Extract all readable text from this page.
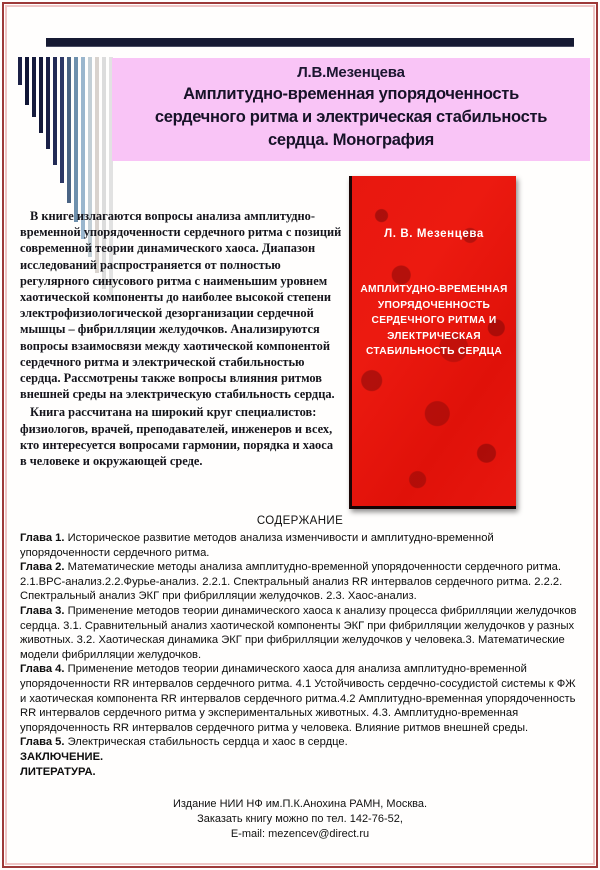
Л.В.Мезенцева
Амплитудно-временная упорядоченность
сердечного ритма и электрическая стабильность
сердца. Монография

В книге излагаются вопросы анализа амплитудно-временной упорядоченности сердечного ритма с позиций современной теории динамического хаоса. Диапазон исследований распространяется от полностью регулярного синусового ритма с наименьшим уровнем хаотической компоненты до наиболее высокой степени электрофизиологической дезорганизации сердечной мышцы – фибрилляции желудочков. Анализируются вопросы взаимосвязи между хаотической компонентой сердечного ритма и электрической стабильностью сердца. Рассмотрены также вопросы влияния ритмов внешней среды на электрическую стабильность сердца.

Книга рассчитана на широкий круг специалистов: физиологов, врачей, преподавателей, инженеров и всех, кто интересуется вопросами гармонии, порядка и хаоса в человеке и окружающей среде.

Л. В. Мезенцева
АМПЛИТУДНО-ВРЕМЕННАЯ УПОРЯДОЧЕННОСТЬ СЕРДЕЧНОГО РИТМА И ЭЛЕКТРИЧЕСКАЯ СТАБИЛЬНОСТЬ СЕРДЦА
СОДЕРЖАНИЕ
Глава 1. Историческое развитие методов анализа изменчивости и амплитудно-временной упорядоченности сердечного ритма.
Глава 2. Математические методы анализа амплитудно-временной упорядоченности сердечного ритма. 2.1.ВРС-анализ.2.2.Фурье-анализ. 2.2.1. Спектральный анализ RR интервалов сердечного ритма. 2.2.2. Спектральный анализ ЭКГ при фибрилляции желудочков. 2.3. Хаос-анализ.
Глава 3. Применение методов теории динамического хаоса к анализу процесса фибрилляции желудочков сердца. 3.1. Сравнительный анализ хаотической компоненты ЭКГ при фибрилляции желудочков у разных животных. 3.2. Хаотическая динамика ЭКГ при фибрилляции желудочков у человека.3. Математические модели фибрилляции желудочков.
Глава 4. Применение методов теории динамического хаоса для анализа амплитудно-временной упорядоченности RR интервалов сердечного ритма. 4.1 Устойчивость сердечно-сосудистой системы к ФЖ и хаотическая компонента RR интервалов сердечного ритма.4.2 Амплитудно-временная упорядоченность RR интервалов сердечного ритма у экспериментальных животных. 4.3. Амплитудно-временная упорядоченность RR интервалов сердечного ритма у человека. Влияние ритмов внешней среды.
Глава 5. Электрическая стабильность сердца и хаос в сердце.
ЗАКЛЮЧЕНИЕ.
ЛИТЕРАТУРА.
Издание НИИ НФ им.П.К.Анохина РАМН, Москва.
Заказать книгу можно по тел. 142-76-52,
E-mail: mezencev@direct.ru
